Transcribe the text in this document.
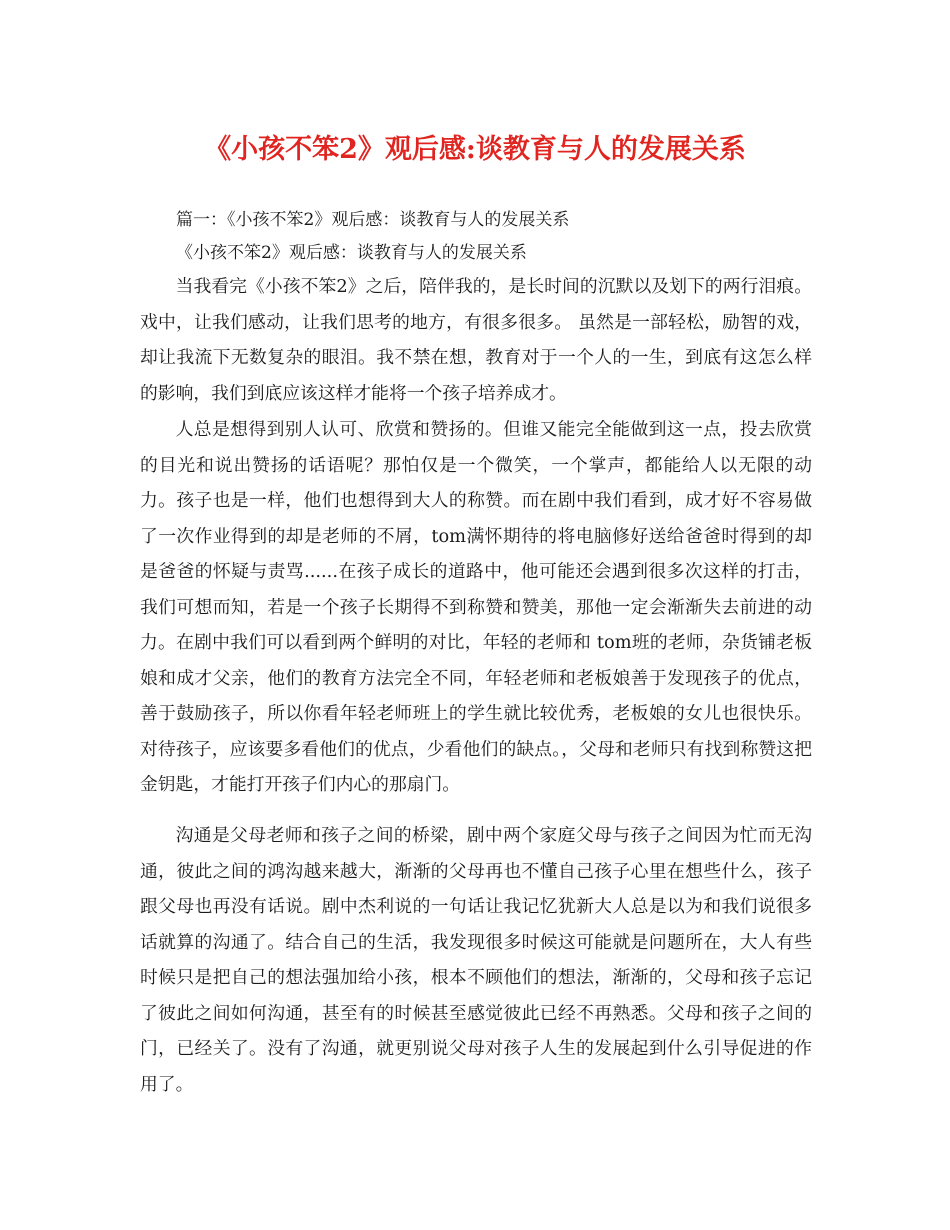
《小孩不笨2》观后感:谈教育与人的发展关系
篇一：《小孩不笨2》观后感：谈教育与人的发展关系
《小孩不笨2》观后感：谈教育与人的发展关系

当我看完《小孩不笨2》之后，陪伴我的，是长时间的沉默以及划下的两行泪痕。戏中，让我们感动，让我们思考的地方，有很多很多。 虽然是一部轻松，励智的戏，却让我流下无数复杂的眼泪。我不禁在想，教育对于一个人的一生，到底有这怎么样的影响，我们到底应该这样才能将一个孩子培养成才。

人总是想得到别人认可、欣赏和赞扬的。但谁又能完全能做到这一点，投去欣赏的目光和说出赞扬的话语呢？那怕仅是一个微笑，一个掌声，都能给人以无限的动力。孩子也是一样，他们也想得到大人的称赞。而在剧中我们看到，成才好不容易做了一次作业得到的却是老师的不屑，tom满怀期待的将电脑修好送给爸爸时得到的却是爸爸的怀疑与责骂......在孩子成长的道路中，他可能还会遇到很多次这样的打击，我们可想而知，若是一个孩子长期得不到称赞和赞美，那他一定会渐渐失去前进的动力。在剧中我们可以看到两个鲜明的对比，年轻的老师和 tom班的老师，杂货铺老板娘和成才父亲，他们的教育方法完全不同，年轻老师和老板娘善于发现孩子的优点，善于鼓励孩子，所以你看年轻老师班上的学生就比较优秀，老板娘的女儿也很快乐。对待孩子，应该要多看他们的优点，少看他们的缺点。，父母和老师只有找到称赞这把金钥匙，才能打开孩子们内心的那扇门。

沟通是父母老师和孩子之间的桥梁，剧中两个家庭父母与孩子之间因为忙而无沟通，彼此之间的鸿沟越来越大，渐渐的父母再也不懂自己孩子心里在想些什么，孩子跟父母也再没有话说。剧中杰利说的一句话让我记忆犹新大人总是以为和我们说很多话就算的沟通了。结合自己的生活，我发现很多时候这可能就是问题所在，大人有些时候只是把自己的想法强加给小孩，根本不顾他们的想法，渐渐的，父母和孩子忘记了彼此之间如何沟通，甚至有的时候甚至感觉彼此已经不再熟悉。父母和孩子之间的门，已经关了。没有了沟通，就更别说父母对孩子人生的发展起到什么引导促进的作用了。
